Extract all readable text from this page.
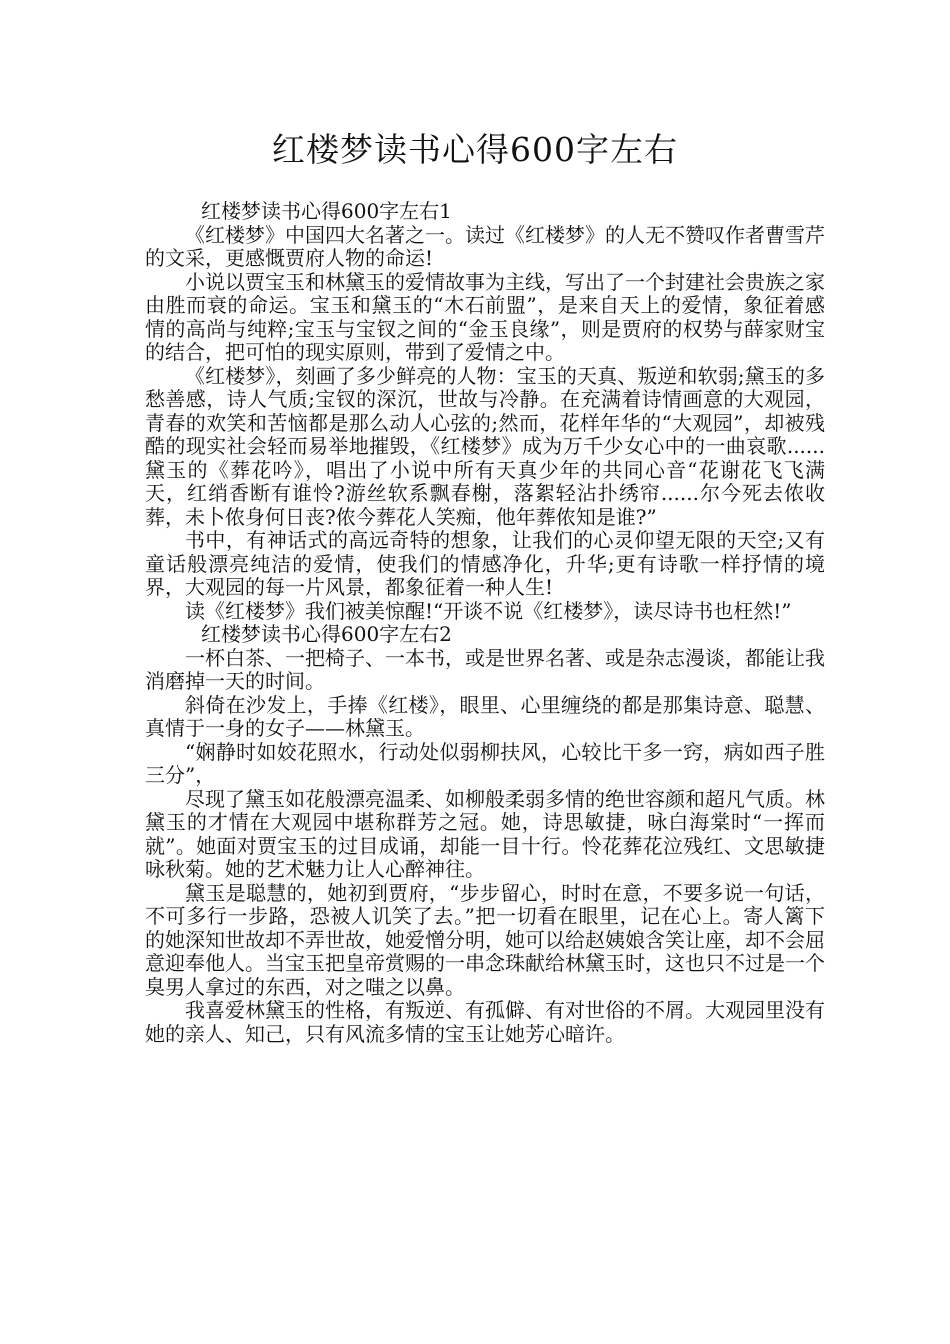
红楼梦读书心得600字左右

红楼梦读书心得600字左右1

《红楼梦》中国四大名著之一。读过《红楼梦》的人无不赞叹作者曹雪芹的文采，更感慨贾府人物的命运!

小说以贾宝玉和林黛玉的爱情故事为主线，写出了一个封建社会贵族之家由胜而衰的命运。宝玉和黛玉的“木石前盟”，是来自天上的爱情，象征着感情的高尚与纯粹;宝玉与宝钗之间的“金玉良缘”，则是贾府的权势与薛家财宝的结合，把可怕的现实原则，带到了爱情之中。

《红楼梦》，刻画了多少鲜亮的人物：宝玉的天真、叛逆和软弱;黛玉的多愁善感，诗人气质;宝钗的深沉，世故与冷静。在充满着诗情画意的大观园，青春的欢笑和苦恼都是那么动人心弦的;然而，花样年华的“大观园”，却被残酷的现实社会轻而易举地摧毁，《红楼梦》成为万千少女心中的一曲哀歌......黛玉的《葬花吟》，唱出了小说中所有天真少年的共同心音“花谢花飞飞满天，红绡香断有谁怜?游丝软系飘春榭，落絮轻沾扑绣帘......尔今死去侬收葬，未卜侬身何日丧?侬今葬花人笑痴，他年葬侬知是谁?”

书中，有神话式的高远奇特的想象，让我们的心灵仰望无限的天空;又有童话般漂亮纯洁的爱情，使我们的情感净化，升华;更有诗歌一样抒情的境界，大观园的每一片风景，都象征着一种人生!

读《红楼梦》我们被美惊醒!“开谈不说《红楼梦》，读尽诗书也枉然!”

红楼梦读书心得600字左右2

一杯白茶、一把椅子、一本书，或是世界名著、或是杂志漫谈，都能让我消磨掉一天的时间。

斜倚在沙发上，手捧《红楼》，眼里、心里缠绕的都是那集诗意、聪慧、真情于一身的女子——林黛玉。

“娴静时如姣花照水，行动处似弱柳扶风，心较比干多一窍，病如西子胜三分”，

尽现了黛玉如花般漂亮温柔、如柳般柔弱多情的绝世容颜和超凡气质。林黛玉的才情在大观园中堪称群芳之冠。她，诗思敏捷，咏白海棠时“一挥而就”。她面对贾宝玉的过目成诵，却能一目十行。怜花葬花泣残红、文思敏捷咏秋菊。她的艺术魅力让人心醉神往。

黛玉是聪慧的，她初到贾府，“步步留心，时时在意，不要多说一句话，不可多行一步路，恐被人讥笑了去。”把一切看在眼里，记在心上。寄人篱下的她深知世故却不弄世故，她爱憎分明，她可以给赵姨娘含笑让座，却不会屈意迎奉他人。当宝玉把皇帝赏赐的一串念珠献给林黛玉时，这也只不过是一个臭男人拿过的东西，对之嗤之以鼻。

我喜爱林黛玉的性格，有叛逆、有孤僻、有对世俗的不屑。大观园里没有她的亲人、知己，只有风流多情的宝玉让她芳心暗许。
